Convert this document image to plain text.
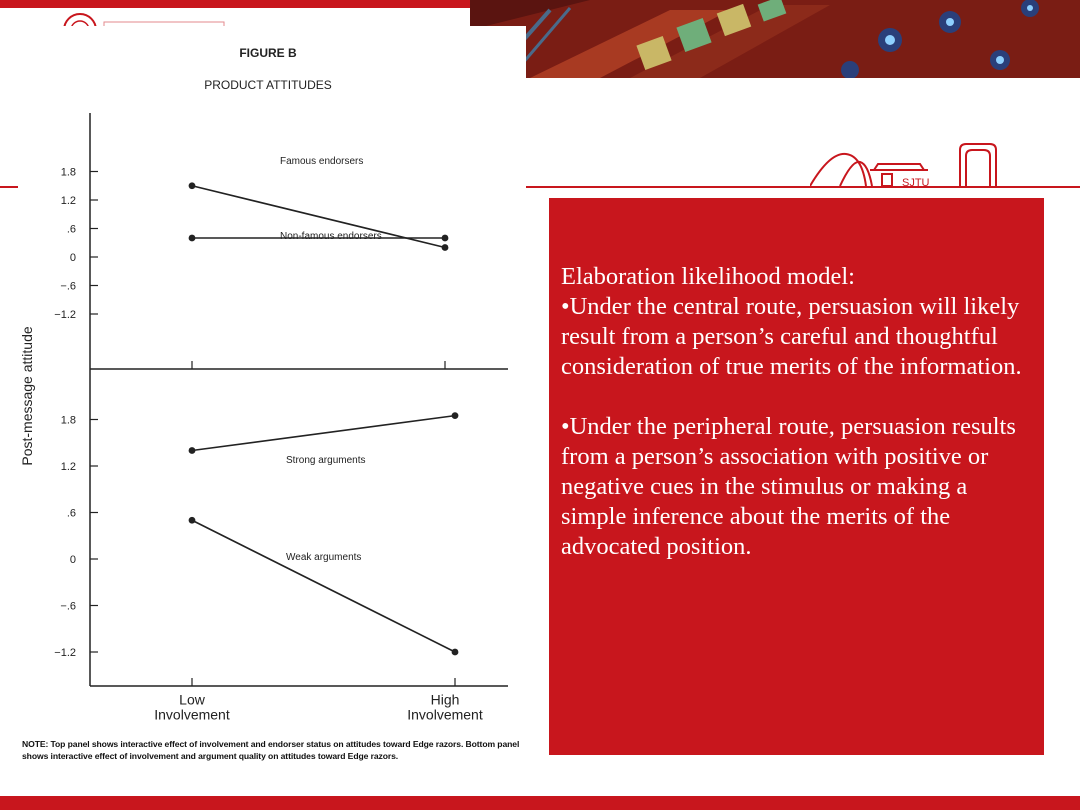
SJTU
FIGURE B
PRODUCT ATTITUDES
Post-message attitude
1.8
1.2
.6
0
−.6
−1.2
Famous endorsers
Non-famous endorsers
1.8
1.2
.6
0
−.6
−1.2
Strong arguments
Weak arguments
Low
Involvement
High
Involvement
NOTE: Top panel shows interactive effect of involvement and endorser status on attitudes toward Edge razors. Bottom panel shows interactive effect of involvement and argument quality on attitudes toward Edge razors.

Elaboration likelihood model:

•Under the central route, persuasion will likely result from a person’s careful and thoughtful consideration of true merits of the information.

•Under the peripheral route, persuasion results from a person’s association with positive or negative cues in the stimulus or making a simple inference about the merits of the advocated position.
